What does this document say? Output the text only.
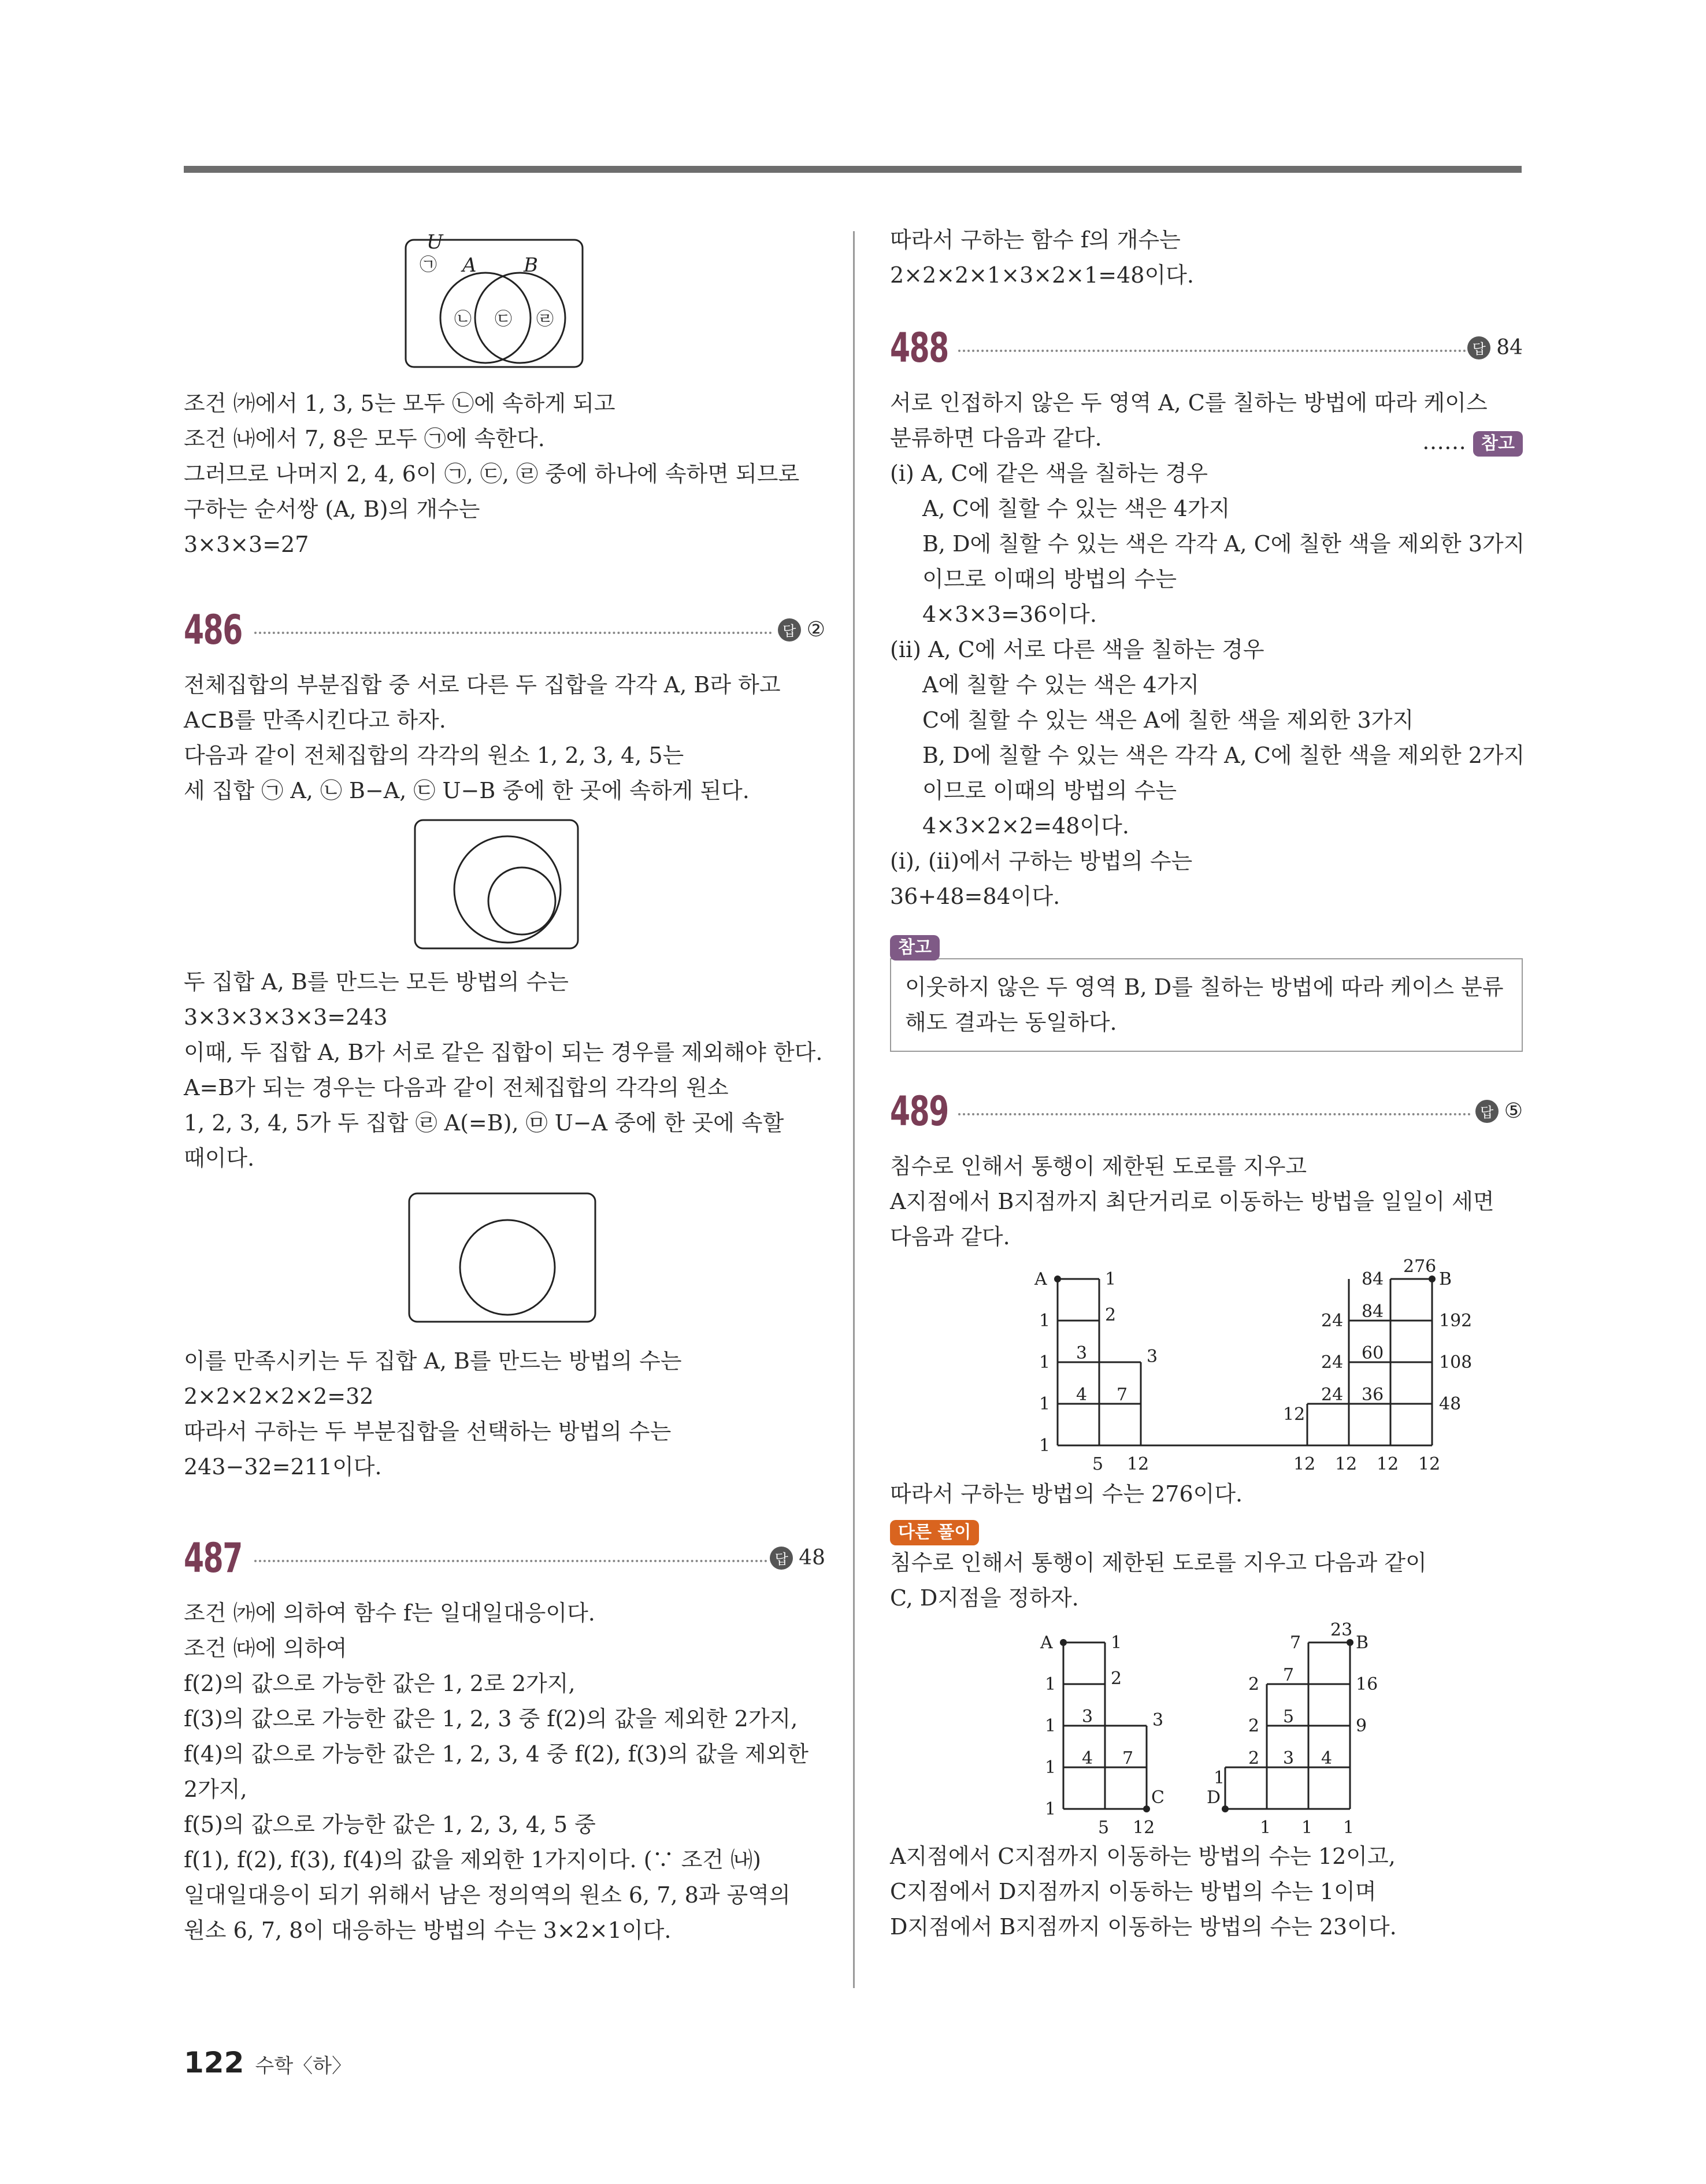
U
㉠ A B
㉡ ㉢ ㉣
조건 ㈎에서 1, 3, 5는 모두 ㉡에 속하게 되고
조건 ㈏에서 7, 8은 모두 ㉠에 속한다.
그러므로 나머지 2, 4, 6이 ㉠, ㉢, ㉣ 중에 하나에 속하면 되므로
구하는 순서쌍 (A, B)의 개수는
3×3×3=27
486	답 ②
전체집합의 부분집합 중 서로 다른 두 집합을 각각 A, B라 하고
A⊂B를 만족시킨다고 하자.
다음과 같이 전체집합의 각각의 원소 1, 2, 3, 4, 5는
세 집합 ㉠ A, ㉡ B−A, ㉢ U−B 중에 한 곳에 속하게 된다.
두 집합 A, B를 만드는 모든 방법의 수는
3×3×3×3×3=243
이때, 두 집합 A, B가 서로 같은 집합이 되는 경우를 제외해야 한다.
A=B가 되는 경우는 다음과 같이 전체집합의 각각의 원소
1, 2, 3, 4, 5가 두 집합 ㉣ A(=B), ㉤ U−A 중에 한 곳에 속할
때이다.
이를 만족시키는 두 집합 A, B를 만드는 방법의 수는
2×2×2×2×2=32
따라서 구하는 두 부분집합을 선택하는 방법의 수는
243−32=211이다.
487	답 48
조건 ㈎에 의하여 함수 f는 일대일대응이다.
조건 ㈐에 의하여
f(2)의 값으로 가능한 값은 1, 2로 2가지,
f(3)의 값으로 가능한 값은 1, 2, 3 중 f(2)의 값을 제외한 2가지,
f(4)의 값으로 가능한 값은 1, 2, 3, 4 중 f(2), f(3)의 값을 제외한
2가지,
f(5)의 값으로 가능한 값은 1, 2, 3, 4, 5 중
f(1), f(2), f(3), f(4)의 값을 제외한 1가지이다. (∵ 조건 ㈏)
일대일대응이 되기 위해서 남은 정의역의 원소 6, 7, 8과 공역의
원소 6, 7, 8이 대응하는 방법의 수는 3×2×1이다.
따라서 구하는 함수 f의 개수는
2×2×2×1×3×2×1=48이다.
488	답 84
서로 인접하지 않은 두 영역 A, C를 칠하는 방법에 따라 케이스
분류하면 다음과 같다.	…… 참고
(ⅰ) A, C에 같은 색을 칠하는 경우
A, C에 칠할 수 있는 색은 4가지
B, D에 칠할 수 있는 색은 각각 A, C에 칠한 색을 제외한 3가지
이므로 이때의 방법의 수는
4×3×3=36이다.
(ⅱ) A, C에 서로 다른 색을 칠하는 경우
A에 칠할 수 있는 색은 4가지
C에 칠할 수 있는 색은 A에 칠한 색을 제외한 3가지
B, D에 칠할 수 있는 색은 각각 A, C에 칠한 색을 제외한 2가지
이므로 이때의 방법의 수는
4×3×2×2=48이다.
(ⅰ), (ⅱ)에서 구하는 방법의 수는
36+48=84이다.
참고
이웃하지 않은 두 영역 B, D를 칠하는 방법에 따라 케이스 분류
해도 결과는 동일하다.
489	답 ⑤
침수로 인해서 통행이 제한된 도로를 지우고
A지점에서 B지점까지 최단거리로 이동하는 방법을 일일이 세면
다음과 같다.
A	B
1
2
3	3
4 7
1
1
1
1
5 12	12 12 12 12
12
24
24
24
36
60
84
84
276
192
108
48
따라서 구하는 방법의 수는 276이다.
다른 풀이
침수로 인해서 통행이 제한된 도로를 지우고 다음과 같이
C, D지점을 정하자.
A	B
C D
1
2
3	3
4 7
1
1
1
1
5 12	1 1 1
1
2
2
2
3
5
7
7
4
23
16
9
A지점에서 C지점까지 이동하는 방법의 수는 12이고,
C지점에서 D지점까지 이동하는 방법의 수는 1이며
D지점에서 B지점까지 이동하는 방법의 수는 23이다.
122 수학〈하〉
